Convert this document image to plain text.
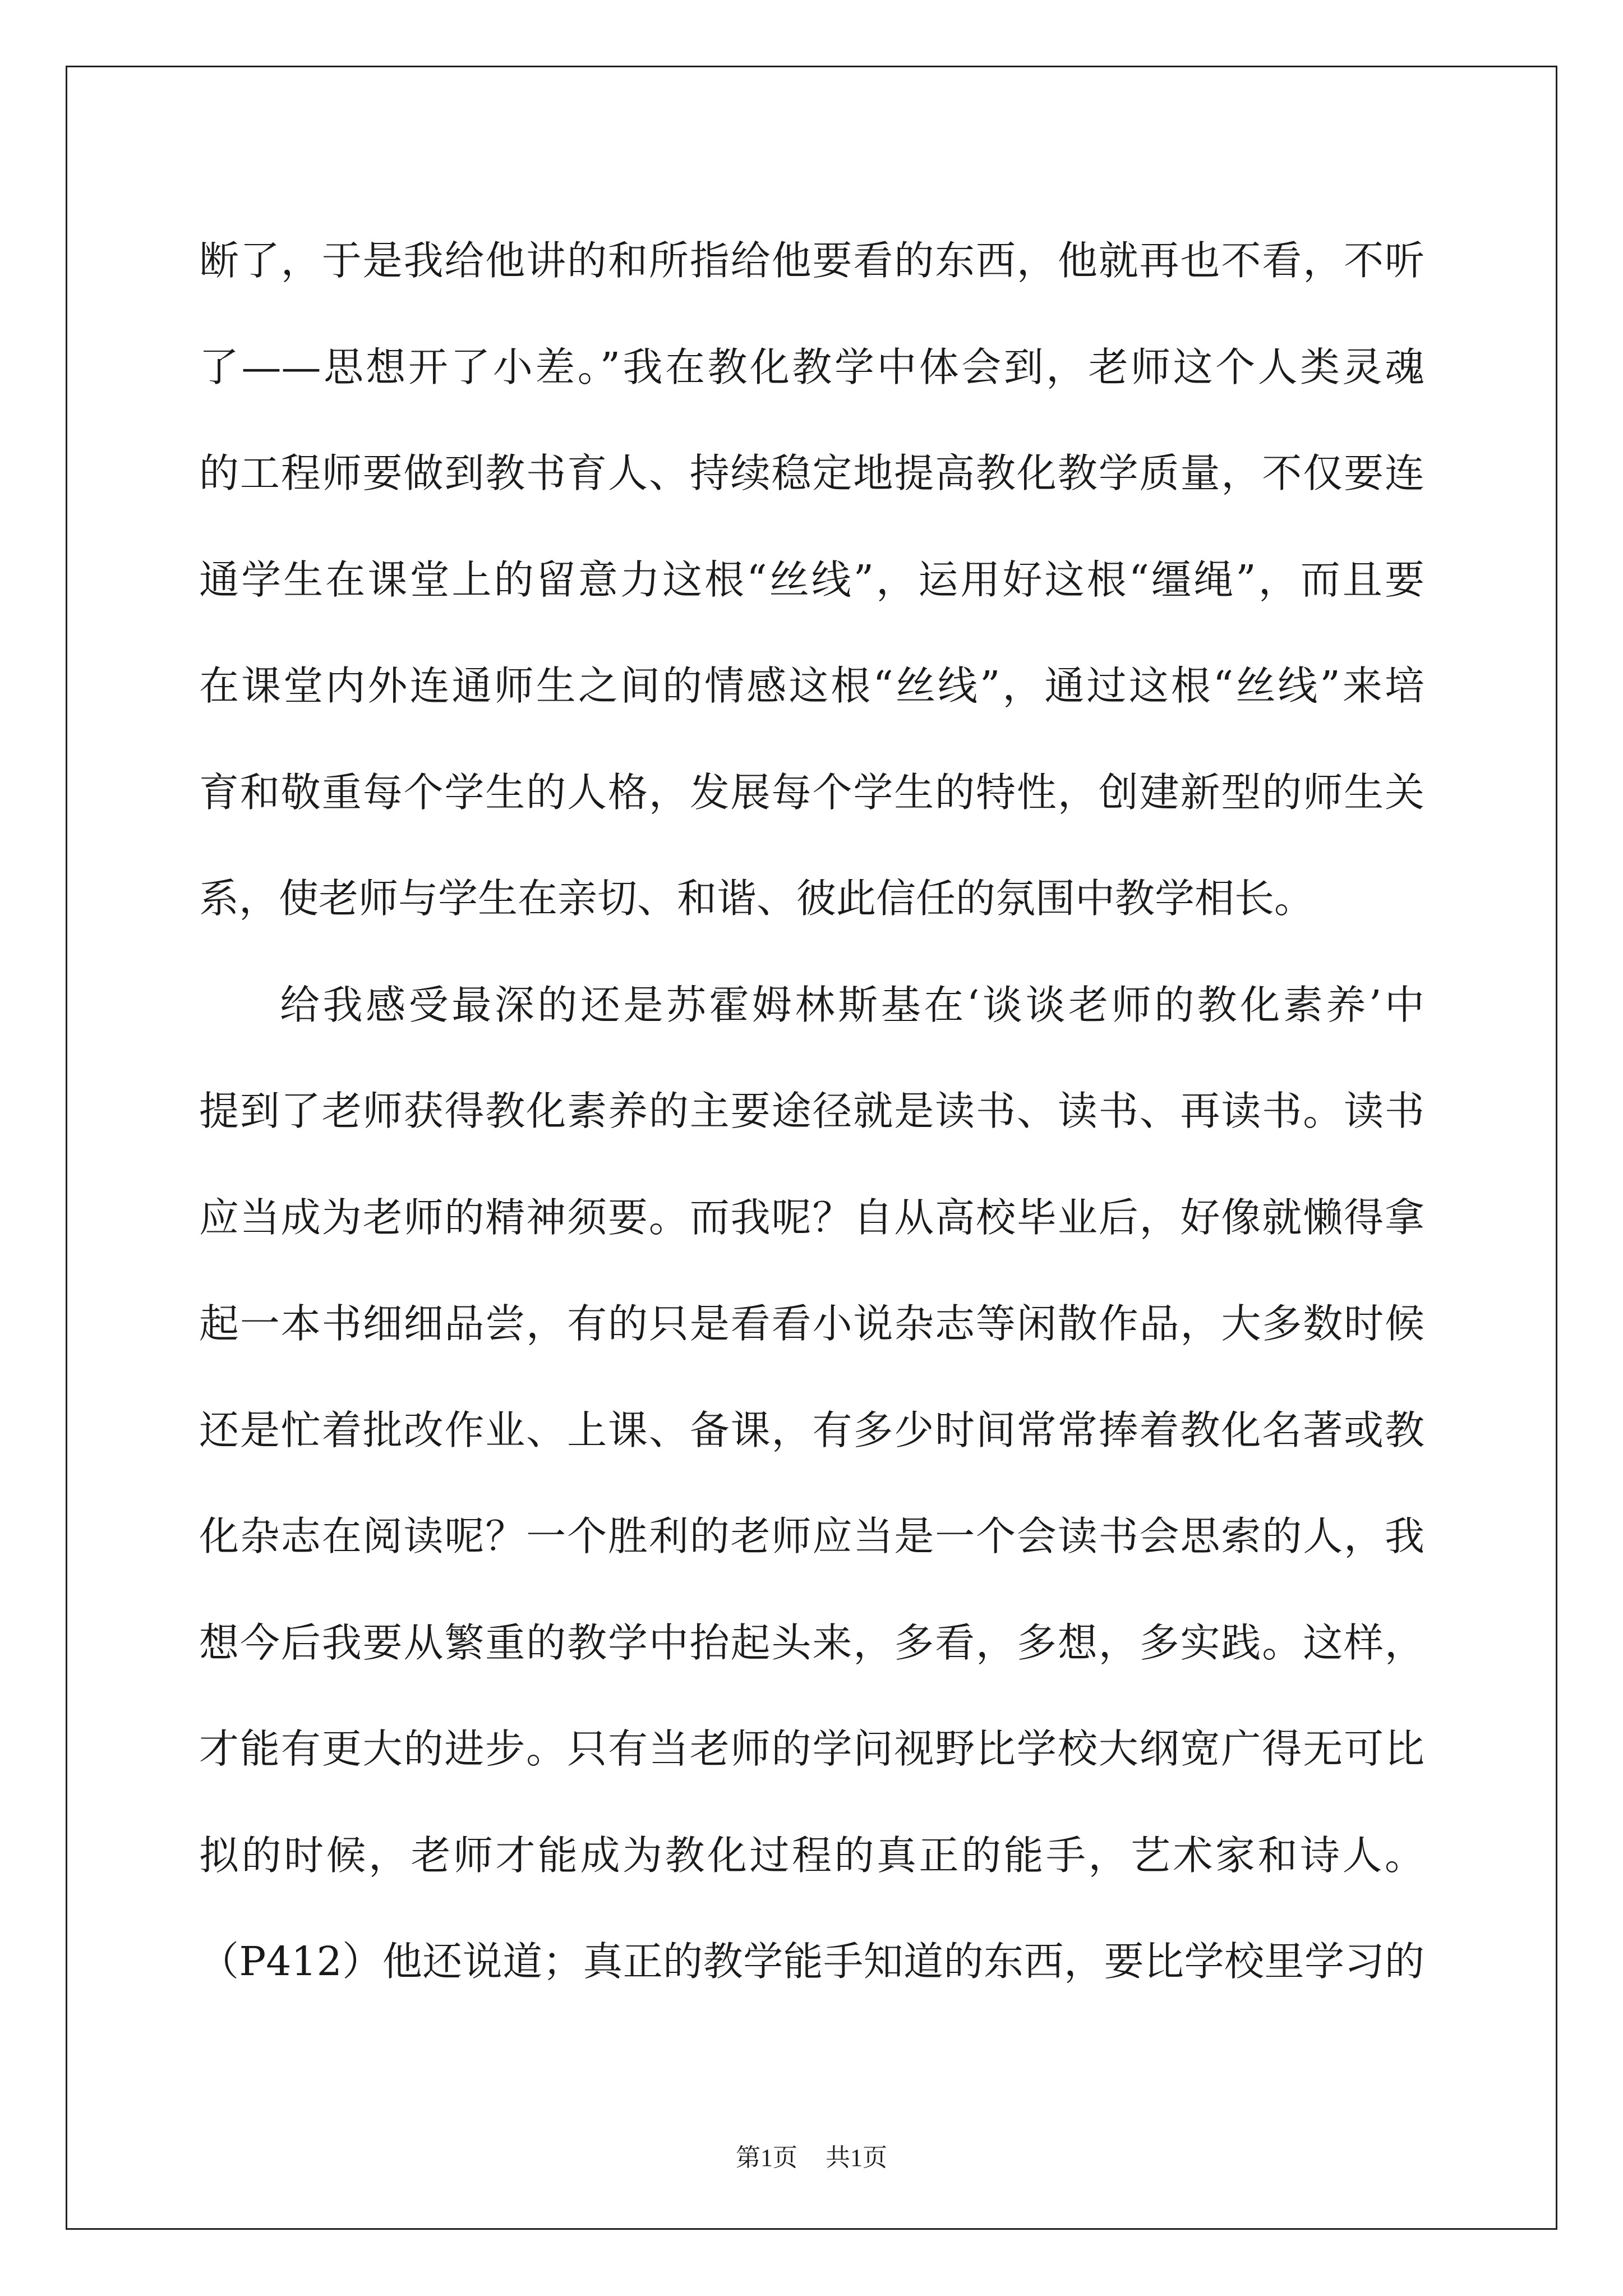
断了，于是我给他讲的和所指给他要看的东西，他就再也不看，不听
了——思想开了小差。”我在教化教学中体会到，老师这个人类灵魂
的工程师要做到教书育人、持续稳定地提高教化教学质量，不仅要连
通学生在课堂上的留意力这根“丝线”，运用好这根“缰绳”，而且要
在课堂内外连通师生之间的情感这根“丝线”，通过这根“丝线”来培
育和敬重每个学生的人格，发展每个学生的特性，创建新型的师生关
系，使老师与学生在亲切、和谐、彼此信任的氛围中教学相长。
给我感受最深的还是苏霍姆林斯基在‘谈谈老师的教化素养’中
提到了老师获得教化素养的主要途径就是读书、读书、再读书。读书
应当成为老师的精神须要。而我呢？自从高校毕业后，好像就懒得拿
起一本书细细品尝，有的只是看看小说杂志等闲散作品，大多数时候
还是忙着批改作业、上课、备课，有多少时间常常捧着教化名著或教
化杂志在阅读呢？一个胜利的老师应当是一个会读书会思索的人，我
想今后我要从繁重的教学中抬起头来，多看，多想，多实践。这样，
才能有更大的进步。只有当老师的学问视野比学校大纲宽广得无可比
拟的时候，老师才能成为教化过程的真正的能手，艺术家和诗人。
（P412）他还说道；真正的教学能手知道的东西，要比学校里学习的
第1页 共1页
